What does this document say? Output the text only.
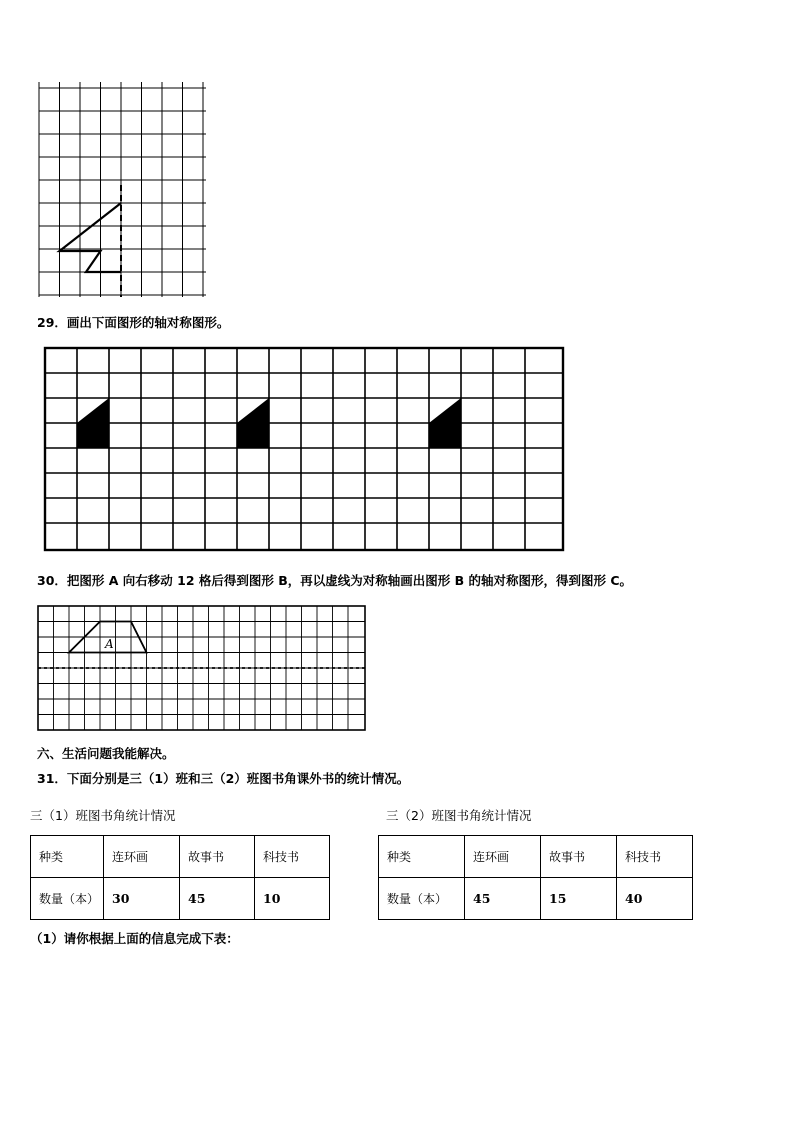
29．画出下面图形的轴对称图形。
30．把图形 A 向右移动 12 格后得到图形 B，再以虚线为对称轴画出图形 B 的轴对称图形，得到图形 C。
A
六、生活问题我能解决。
31．下面分别是三（1）班和三（2）班图书角课外书的统计情况。
三（1）班图书角统计情况	三（2）班图书角统计情况
种类	连环画	故事书	科技书
数量（本）	30	45	10
种类	连环画	故事书	科技书
数量（本）	45	15	40
（1）请你根据上面的信息完成下表：
